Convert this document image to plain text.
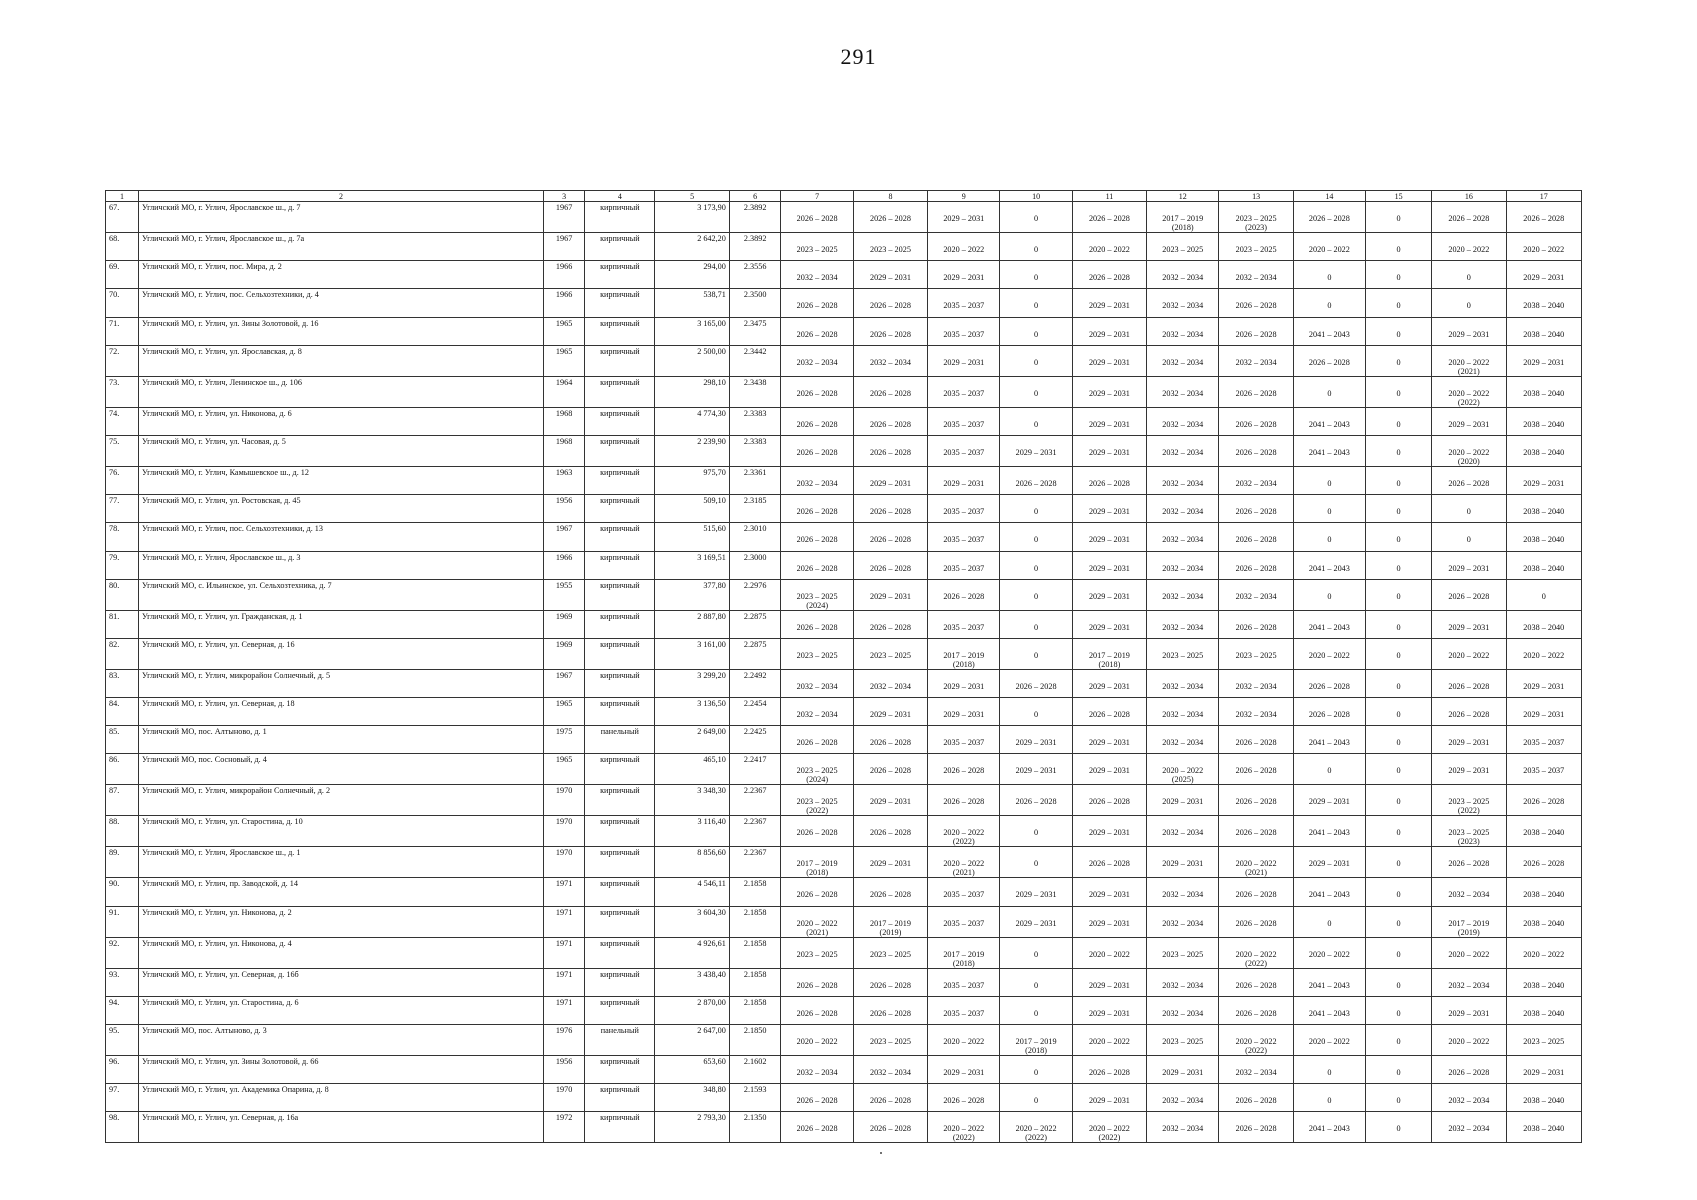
291
1	2	3	4	5	6	7	8	9	10	11	12	13	14	15	16	17

67.	Угличский МО, г. Углич, Ярославское ш., д. 7	1967	кирпичный	3 173,90	2.3892	2026 – 2028	2026 – 2028	2029 – 2031	0	2026 – 2028	2017 – 2019
(2018)	2023 – 2025
(2023)	2026 – 2028	0	2026 – 2028	2026 – 2028

68.	Угличский МО, г. Углич, Ярославское ш., д. 7а	1967	кирпичный	2 642,20	2.3892	2023 – 2025	2023 – 2025	2020 – 2022	0	2020 – 2022	2023 – 2025	2023 – 2025	2020 – 2022	0	2020 – 2022	2020 – 2022

69.	Угличский МО, г. Углич, пос. Мира, д. 2	1966	кирпичный	294,00	2.3556	2032 – 2034	2029 – 2031	2029 – 2031	0	2026 – 2028	2032 – 2034	2032 – 2034	0	0	0	2029 – 2031

70.	Угличский МО, г. Углич, пос. Сельхозтехники, д. 4	1966	кирпичный	538,71	2.3500	2026 – 2028	2026 – 2028	2035 – 2037	0	2029 – 2031	2032 – 2034	2026 – 2028	0	0	0	2038 – 2040

71.	Угличский МО, г. Углич, ул. Зины Золотовой, д. 16	1965	кирпичный	3 165,00	2.3475	2026 – 2028	2026 – 2028	2035 – 2037	0	2029 – 2031	2032 – 2034	2026 – 2028	2041 – 2043	0	2029 – 2031	2038 – 2040

72.	Угличский МО, г. Углич, ул. Ярославская, д. 8	1965	кирпичный	2 500,00	2.3442	2032 – 2034	2032 – 2034	2029 – 2031	0	2029 – 2031	2032 – 2034	2032 – 2034	2026 – 2028	0	2020 – 2022
(2021)	2029 – 2031

73.	Угличский МО, г. Углич, Ленинское ш., д. 106	1964	кирпичный	298,10	2.3438	2026 – 2028	2026 – 2028	2035 – 2037	0	2029 – 2031	2032 – 2034	2026 – 2028	0	0	2020 – 2022
(2022)	2038 – 2040

74.	Угличский МО, г. Углич, ул. Никонова, д. 6	1968	кирпичный	4 774,30	2.3383	2026 – 2028	2026 – 2028	2035 – 2037	0	2029 – 2031	2032 – 2034	2026 – 2028	2041 – 2043	0	2029 – 2031	2038 – 2040

75.	Угличский МО, г. Углич, ул. Часовая, д. 5	1968	кирпичный	2 239,90	2.3383	2026 – 2028	2026 – 2028	2035 – 2037	2029 – 2031	2029 – 2031	2032 – 2034	2026 – 2028	2041 – 2043	0	2020 – 2022
(2020)	2038 – 2040

76.	Угличский МО, г. Углич, Камышевское ш., д. 12	1963	кирпичный	975,70	2.3361	2032 – 2034	2029 – 2031	2029 – 2031	2026 – 2028	2026 – 2028	2032 – 2034	2032 – 2034	0	0	2026 – 2028	2029 – 2031

77.	Угличский МО, г. Углич, ул. Ростовская, д. 45	1956	кирпичный	509,10	2.3185	2026 – 2028	2026 – 2028	2035 – 2037	0	2029 – 2031	2032 – 2034	2026 – 2028	0	0	0	2038 – 2040

78.	Угличский МО, г. Углич, пос. Сельхозтехники, д. 13	1967	кирпичный	515,60	2.3010	2026 – 2028	2026 – 2028	2035 – 2037	0	2029 – 2031	2032 – 2034	2026 – 2028	0	0	0	2038 – 2040

79.	Угличский МО, г. Углич, Ярославское ш., д. 3	1966	кирпичный	3 169,51	2.3000	2026 – 2028	2026 – 2028	2035 – 2037	0	2029 – 2031	2032 – 2034	2026 – 2028	2041 – 2043	0	2029 – 2031	2038 – 2040

80.	Угличский МО, с. Ильинское, ул. Сельхозтехника, д. 7	1955	кирпичный	377,80	2.2976	2023 – 2025
(2024)	2029 – 2031	2026 – 2028	0	2029 – 2031	2032 – 2034	2032 – 2034	0	0	2026 – 2028	0

81.	Угличский МО, г. Углич, ул. Гражданская, д. 1	1969	кирпичный	2 887,80	2.2875	2026 – 2028	2026 – 2028	2035 – 2037	0	2029 – 2031	2032 – 2034	2026 – 2028	2041 – 2043	0	2029 – 2031	2038 – 2040

82.	Угличский МО, г. Углич, ул. Северная, д. 16	1969	кирпичный	3 161,00	2.2875	2023 – 2025	2023 – 2025	2017 – 2019
(2018)	0	2017 – 2019
(2018)	2023 – 2025	2023 – 2025	2020 – 2022	0	2020 – 2022	2020 – 2022

83.	Угличский МО, г. Углич, микрорайон Солнечный, д. 5	1967	кирпичный	3 299,20	2.2492	2032 – 2034	2032 – 2034	2029 – 2031	2026 – 2028	2029 – 2031	2032 – 2034	2032 – 2034	2026 – 2028	0	2026 – 2028	2029 – 2031

84.	Угличский МО, г. Углич, ул. Северная, д. 18	1965	кирпичный	3 136,50	2.2454	2032 – 2034	2029 – 2031	2029 – 2031	0	2026 – 2028	2032 – 2034	2032 – 2034	2026 – 2028	0	2026 – 2028	2029 – 2031

85.	Угличский МО, пос. Алтыново, д. 1	1975	панельный	2 649,00	2.2425	2026 – 2028	2026 – 2028	2035 – 2037	2029 – 2031	2029 – 2031	2032 – 2034	2026 – 2028	2041 – 2043	0	2029 – 2031	2035 – 2037

86.	Угличский МО, пос. Сосновый, д. 4	1965	кирпичный	465,10	2.2417	2023 – 2025
(2024)	2026 – 2028	2026 – 2028	2029 – 2031	2029 – 2031	2020 – 2022
(2025)	2026 – 2028	0	0	2029 – 2031	2035 – 2037

87.	Угличский МО, г. Углич, микрорайон Солнечный, д. 2	1970	кирпичный	3 348,30	2.2367	2023 – 2025
(2022)	2029 – 2031	2026 – 2028	2026 – 2028	2026 – 2028	2029 – 2031	2026 – 2028	2029 – 2031	0	2023 – 2025
(2022)	2026 – 2028

88.	Угличский МО, г. Углич, ул. Старостина, д. 10	1970	кирпичный	3 116,40	2.2367	2026 – 2028	2026 – 2028	2020 – 2022
(2022)	0	2029 – 2031	2032 – 2034	2026 – 2028	2041 – 2043	0	2023 – 2025
(2023)	2038 – 2040

89.	Угличский МО, г. Углич, Ярославское ш., д. 1	1970	кирпичный	8 856,60	2.2367	2017 – 2019
(2018)	2029 – 2031	2020 – 2022
(2021)	0	2026 – 2028	2029 – 2031	2020 – 2022
(2021)	2029 – 2031	0	2026 – 2028	2026 – 2028

90.	Угличский МО, г. Углич, пр. Заводской, д. 14	1971	кирпичный	4 546,11	2.1858	2026 – 2028	2026 – 2028	2035 – 2037	2029 – 2031	2029 – 2031	2032 – 2034	2026 – 2028	2041 – 2043	0	2032 – 2034	2038 – 2040

91.	Угличский МО, г. Углич, ул. Никонова, д. 2	1971	кирпичный	3 604,30	2.1858	2020 – 2022
(2021)	2017 – 2019
(2019)	2035 – 2037	2029 – 2031	2029 – 2031	2032 – 2034	2026 – 2028	0	0	2017 – 2019
(2019)	2038 – 2040

92.	Угличский МО, г. Углич, ул. Никонова, д. 4	1971	кирпичный	4 926,61	2.1858	2023 – 2025	2023 – 2025	2017 – 2019
(2018)	0	2020 – 2022	2023 – 2025	2020 – 2022
(2022)	2020 – 2022	0	2020 – 2022	2020 – 2022

93.	Угличский МО, г. Углич, ул. Северная, д. 16б	1971	кирпичный	3 438,40	2.1858	2026 – 2028	2026 – 2028	2035 – 2037	0	2029 – 2031	2032 – 2034	2026 – 2028	2041 – 2043	0	2032 – 2034	2038 – 2040

94.	Угличский МО, г. Углич, ул. Старостина, д. 6	1971	кирпичный	2 870,00	2.1858	2026 – 2028	2026 – 2028	2035 – 2037	0	2029 – 2031	2032 – 2034	2026 – 2028	2041 – 2043	0	2029 – 2031	2038 – 2040

95.	Угличский МО, пос. Алтыново, д. 3	1976	панельный	2 647,00	2.1850	2020 – 2022	2023 – 2025	2020 – 2022	2017 – 2019
(2018)	2020 – 2022	2023 – 2025	2020 – 2022
(2022)	2020 – 2022	0	2020 – 2022	2023 – 2025

96.	Угличский МО, г. Углич, ул. Зины Золотовой, д. 66	1956	кирпичный	653,60	2.1602	2032 – 2034	2032 – 2034	2029 – 2031	0	2026 – 2028	2029 – 2031	2032 – 2034	0	0	2026 – 2028	2029 – 2031

97.	Угличский МО, г. Углич, ул. Академика Опарина, д. 8	1970	кирпичный	348,80	2.1593	2026 – 2028	2026 – 2028	2026 – 2028	0	2029 – 2031	2032 – 2034	2026 – 2028	0	0	2032 – 2034	2038 – 2040

98.	Угличский МО, г. Углич, ул. Северная, д. 16а	1972	кирпичный	2 793,30	2.1350	2026 – 2028	2026 – 2028	2020 – 2022
(2022)	2020 – 2022
(2022)	2020 – 2022
(2022)	2032 – 2034	2026 – 2028	2041 – 2043	0	2032 – 2034	2038 – 2040
